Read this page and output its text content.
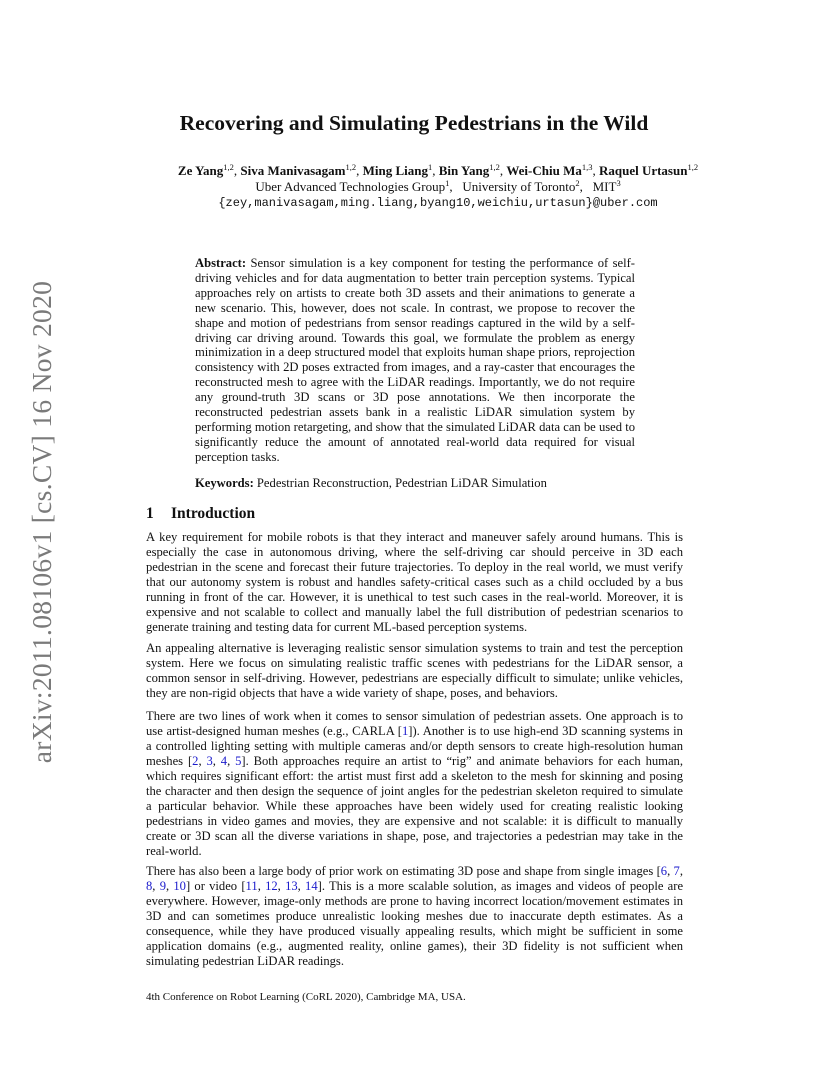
arXiv:2011.08106v1 [cs.CV] 16 Nov 2020
Recovering and Simulating Pedestrians in the Wild

Ze Yang$^{1,2}$, Siva Manivasagam$^{1,2}$, Ming Liang$^1$, Bin Yang$^{1,2}$, Wei-Chiu Ma$^{1,3}$, Raquel Urtasun$^{1,2}$

Uber Advanced Technologies Group$^1$,   University of Toronto$^2$,   MIT$^3$

{zey,manivasagam,ming.liang,byang10,weichiu,urtasun}@uber.com

Abstract: Sensor simulation is a key component for testing the performance of self-driving vehicles and for data augmentation to better train perception systems. Typical approaches rely on artists to create both 3D assets and their animations to generate a new scenario. This, however, does not scale. In contrast, we propose to recover the shape and motion of pedestrians from sensor readings captured in the wild by a self-driving car driving around. Towards this goal, we formulate the problem as energy minimization in a deep structured model that exploits human shape priors, reprojection consistency with 2D poses extracted from images, and a ray-caster that encourages the reconstructed mesh to agree with the LiDAR readings. Importantly, we do not require any ground-truth 3D scans or 3D pose annotations. We then incorporate the reconstructed pedestrian assets bank in a realistic LiDAR simulation system by performing motion retargeting, and show that the simulated LiDAR data can be used to significantly reduce the amount of annotated real-world data required for visual perception tasks.

Keywords: Pedestrian Reconstruction, Pedestrian LiDAR Simulation

1 Introduction

A key requirement for mobile robots is that they interact and maneuver safely around humans. This is especially the case in autonomous driving, where the self-driving car should perceive in 3D each pedestrian in the scene and forecast their future trajectories. To deploy in the real world, we must verify that our autonomy system is robust and handles safety-critical cases such as a child occluded by a bus running in front of the car. However, it is unethical to test such cases in the real-world. Moreover, it is expensive and not scalable to collect and manually label the full distribution of pedestrian scenarios to generate training and testing data for current ML-based perception systems.

An appealing alternative is leveraging realistic sensor simulation systems to train and test the perception system. Here we focus on simulating realistic traffic scenes with pedestrians for the LiDAR sensor, a common sensor in self-driving. However, pedestrians are especially difficult to simulate; unlike vehicles, they are non-rigid objects that have a wide variety of shape, poses, and behaviors.

There are two lines of work when it comes to sensor simulation of pedestrian assets. One approach is to use artist-designed human meshes (e.g., CARLA [1]). Another is to use high-end 3D scanning systems in a controlled lighting setting with multiple cameras and/or depth sensors to create high-resolution human meshes [2, 3, 4, 5]. Both approaches require an artist to “rig” and animate behaviors for each human, which requires significant effort: the artist must first add a skeleton to the mesh for skinning and posing the character and then design the sequence of joint angles for the pedestrian skeleton required to simulate a particular behavior. While these approaches have been widely used for creating realistic looking pedestrians in video games and movies, they are expensive and not scalable: it is difficult to manually create or 3D scan all the diverse variations in shape, pose, and trajectories a pedestrian may take in the real-world.

There has also been a large body of prior work on estimating 3D pose and shape from single images [6, 7, 8, 9, 10] or video [11, 12, 13, 14]. This is a more scalable solution, as images and videos of people are everywhere. However, image-only methods are prone to having incorrect location/movement estimates in 3D and can sometimes produce unrealistic looking meshes due to inaccurate depth estimates. As a consequence, while they have produced visually appealing results, which might be sufficient in some application domains (e.g., augmented reality, online games), their 3D fidelity is not sufficient when simulating pedestrian LiDAR readings.

4th Conference on Robot Learning (CoRL 2020), Cambridge MA, USA.
